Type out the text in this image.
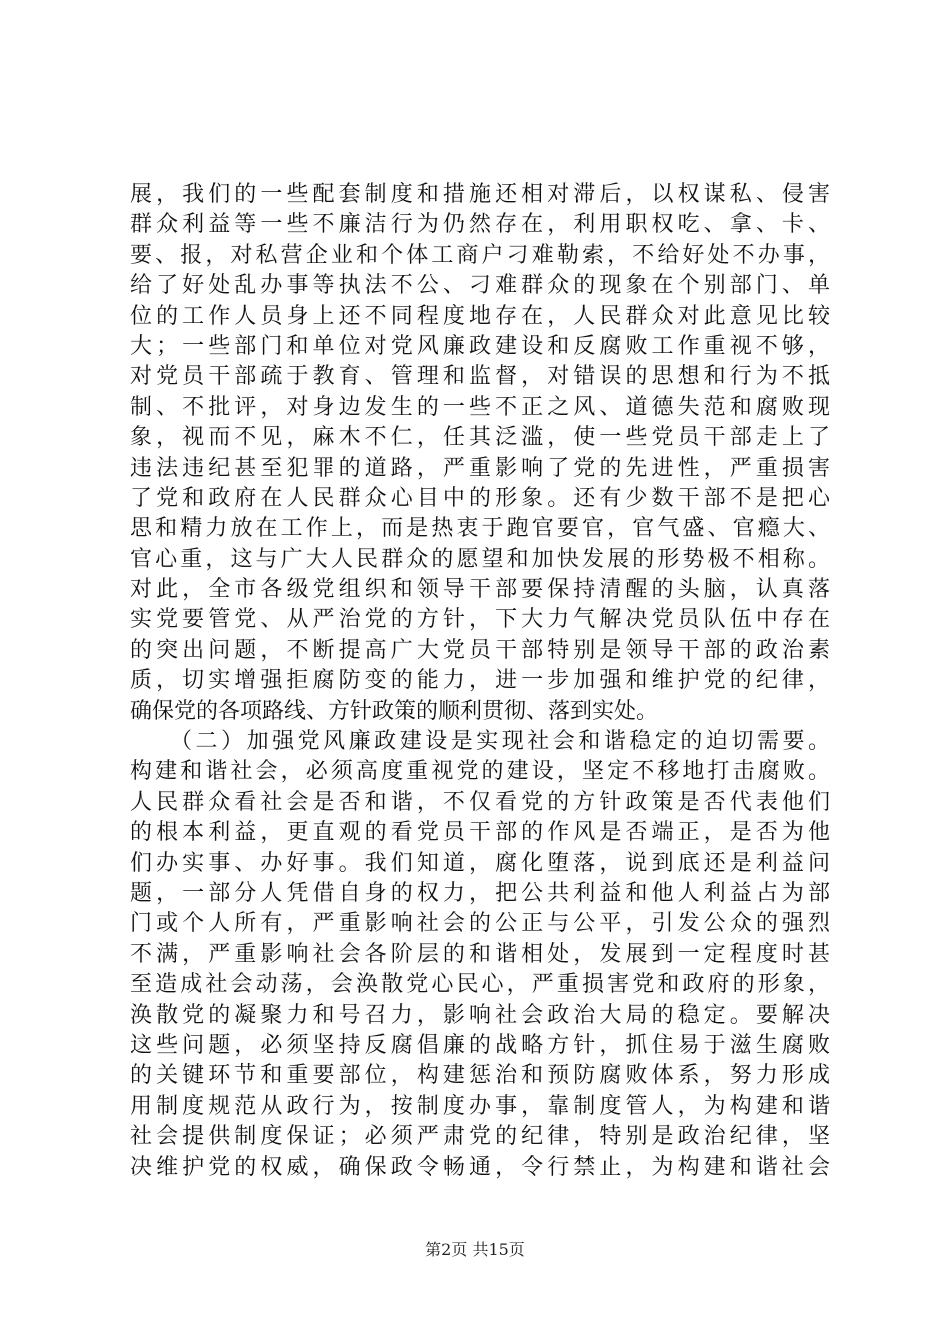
展，我们的一些配套制度和措施还相对滞后，以权谋私、侵害
群众利益等一些不廉洁行为仍然存在，利用职权吃、拿、卡、
要、报，对私营企业和个体工商户刁难勒索，不给好处不办事，
给了好处乱办事等执法不公、刁难群众的现象在个别部门、单
位的工作人员身上还不同程度地存在，人民群众对此意见比较
大；一些部门和单位对党风廉政建设和反腐败工作重视不够，
对党员干部疏于教育、管理和监督，对错误的思想和行为不抵
制、不批评，对身边发生的一些不正之风、道德失范和腐败现
象，视而不见，麻木不仁，任其泛滥，使一些党员干部走上了
违法违纪甚至犯罪的道路，严重影响了党的先进性，严重损害
了党和政府在人民群众心目中的形象。还有少数干部不是把心
思和精力放在工作上，而是热衷于跑官要官，官气盛、官瘾大、
官心重，这与广大人民群众的愿望和加快发展的形势极不相称。
对此，全市各级党组织和领导干部要保持清醒的头脑，认真落
实党要管党、从严治党的方针，下大力气解决党员队伍中存在
的突出问题，不断提高广大党员干部特别是领导干部的政治素
质，切实增强拒腐防变的能力，进一步加强和维护党的纪律，
确保党的各项路线、方针政策的顺利贯彻、落到实处。
　　（二）加强党风廉政建设是实现社会和谐稳定的迫切需要。
构建和谐社会，必须高度重视党的建设，坚定不移地打击腐败。
人民群众看社会是否和谐，不仅看党的方针政策是否代表他们
的根本利益，更直观的看党员干部的作风是否端正，是否为他
们办实事、办好事。我们知道，腐化堕落，说到底还是利益问
题，一部分人凭借自身的权力，把公共利益和他人利益占为部
门或个人所有，严重影响社会的公正与公平，引发公众的强烈
不满，严重影响社会各阶层的和谐相处，发展到一定程度时甚
至造成社会动荡，会涣散党心民心，严重损害党和政府的形象，
涣散党的凝聚力和号召力，影响社会政治大局的稳定。要解决
这些问题，必须坚持反腐倡廉的战略方针，抓住易于滋生腐败
的关键环节和重要部位，构建惩治和预防腐败体系，努力形成
用制度规范从政行为，按制度办事，靠制度管人，为构建和谐
社会提供制度保证；必须严肃党的纪律，特别是政治纪律，坚
决维护党的权威，确保政令畅通，令行禁止，为构建和谐社会
第2页 共15页
